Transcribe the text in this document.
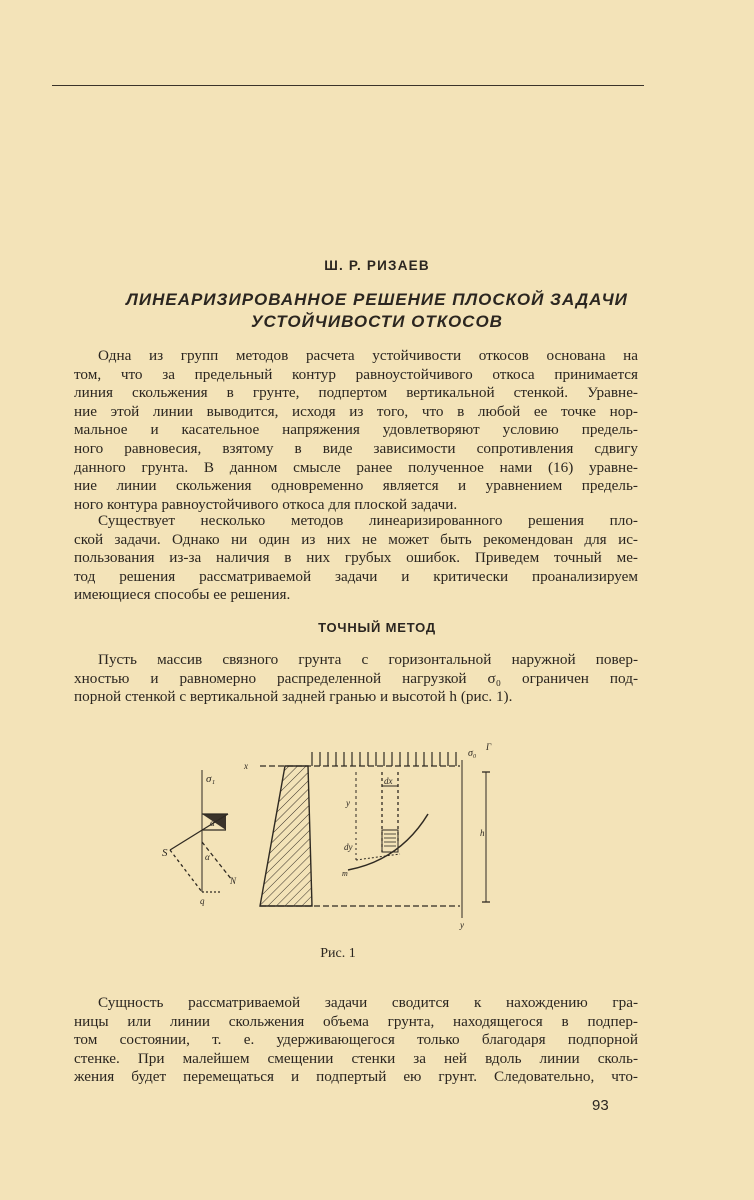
Ш. Р. РИЗАЕВ
ЛИНЕАРИЗИРОВАННОЕ РЕШЕНИЕ ПЛОСКОЙ ЗАДАЧИ
УСТОЙЧИВОСТИ ОТКОСОВ
Одна из групп методов расчета устойчивости откосов основана на
том, что за предельный контур равноустойчивого откоса принимается
линия скольжения в грунте, подпертом вертикальной стенкой. Уравне-
ние этой линии выводится, исходя из того, что в любой ее точке нор-
мальное и касательное напряжения удовлетворяют условию предель-
ного равновесия, взятому в виде зависимости сопротивления сдвигу
данного грунта. В данном смысле ранее полученное нами (16) уравне-
ние линии скольжения одновременно является и уравнением предель-
ного контура равноустойчивого откоса для плоской задачи.
Существует несколько методов линеаризированного решения пло-
ской задачи. Однако ни один из них не может быть рекомендован для ис-
пользования из-за наличия в них грубых ошибок. Приведем точный ме-
тод решения рассматриваемой задачи и критически проанализируем
имеющиеся способы ее решения.
ТОЧНЫЙ МЕТОД
Пусть массив связного грунта с горизонтальной наружной повер-
хностью и равномерно распределенной нагрузкой σ₀ ограничен под-
порной стенкой с вертикальной задней гранью и высотой h (рис. 1).
σ₁
α
α
S
N
q
x
y
y
dx
dy
h
σ₀
Γ
m
Рис. 1
Сущность рассматриваемой задачи сводится к нахождению гра-
ницы или линии скольжения объема грунта, находящегося в подпер-
том состоянии, т. е. удерживающегося только благодаря подпорной
стенке. При малейшем смещении стенки за ней вдоль линии сколь-
жения будет перемещаться и подпертый ею грунт. Следовательно, что-
93
